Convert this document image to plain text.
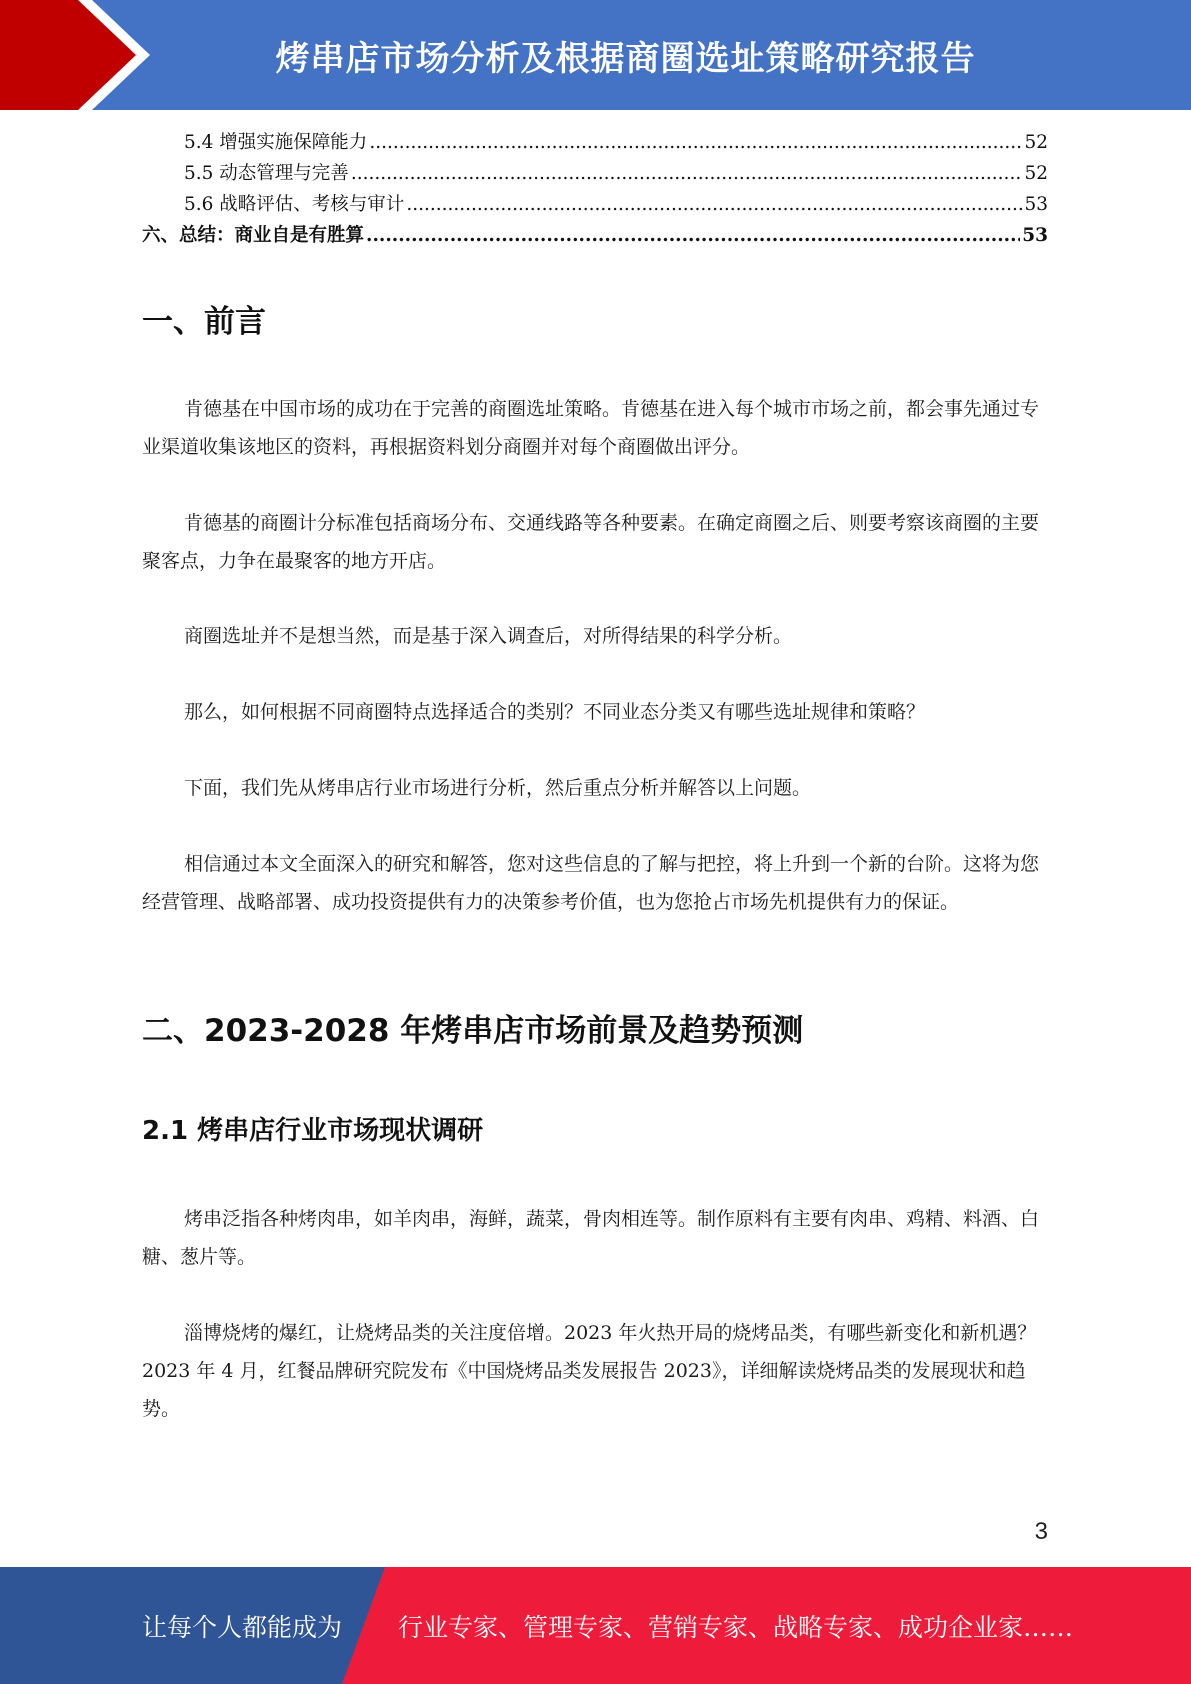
烤串店市场分析及根据商圈选址策略研究报告
5.4 增强实施保障能力 .....	52
5.5 动态管理与完善 .....	52
5.6 战略评估、考核与审计 .....	53
六、总结：商业自是有胜算 .....	53
一、前言

肯德基在中国市场的成功在于完善的商圈选址策略。肯德基在进入每个城市市场之前，都会事先通过专业渠道收集该地区的资料，再根据资料划分商圈并对每个商圈做出评分。

肯德基的商圈计分标准包括商场分布、交通线路等各种要素。在确定商圈之后、则要考察该商圈的主要聚客点，力争在最聚客的地方开店。

商圈选址并不是想当然，而是基于深入调查后，对所得结果的科学分析。

那么，如何根据不同商圈特点选择适合的类别？不同业态分类又有哪些选址规律和策略？

下面，我们先从烤串店行业市场进行分析，然后重点分析并解答以上问题。

相信通过本文全面深入的研究和解答，您对这些信息的了解与把控，将上升到一个新的台阶。这将为您经营管理、战略部署、成功投资提供有力的决策参考价值，也为您抢占市场先机提供有力的保证。

二、2023-2028 年烤串店市场前景及趋势预测
2.1 烤串店行业市场现状调研

烤串泛指各种烤肉串，如羊肉串，海鲜，蔬菜，骨肉相连等。制作原料有主要有肉串、鸡精、料酒、白糖、葱片等。

淄博烧烤的爆红，让烧烤品类的关注度倍增。2023 年火热开局的烧烤品类，有哪些新变化和新机遇？2023 年 4 月，红餐品牌研究院发布《中国烧烤品类发展报告 2023》，详细解读烧烤品类的发展现状和趋势。

3
让每个人都能成为 行业专家、管理专家、营销专家、战略专家、成功企业家……
